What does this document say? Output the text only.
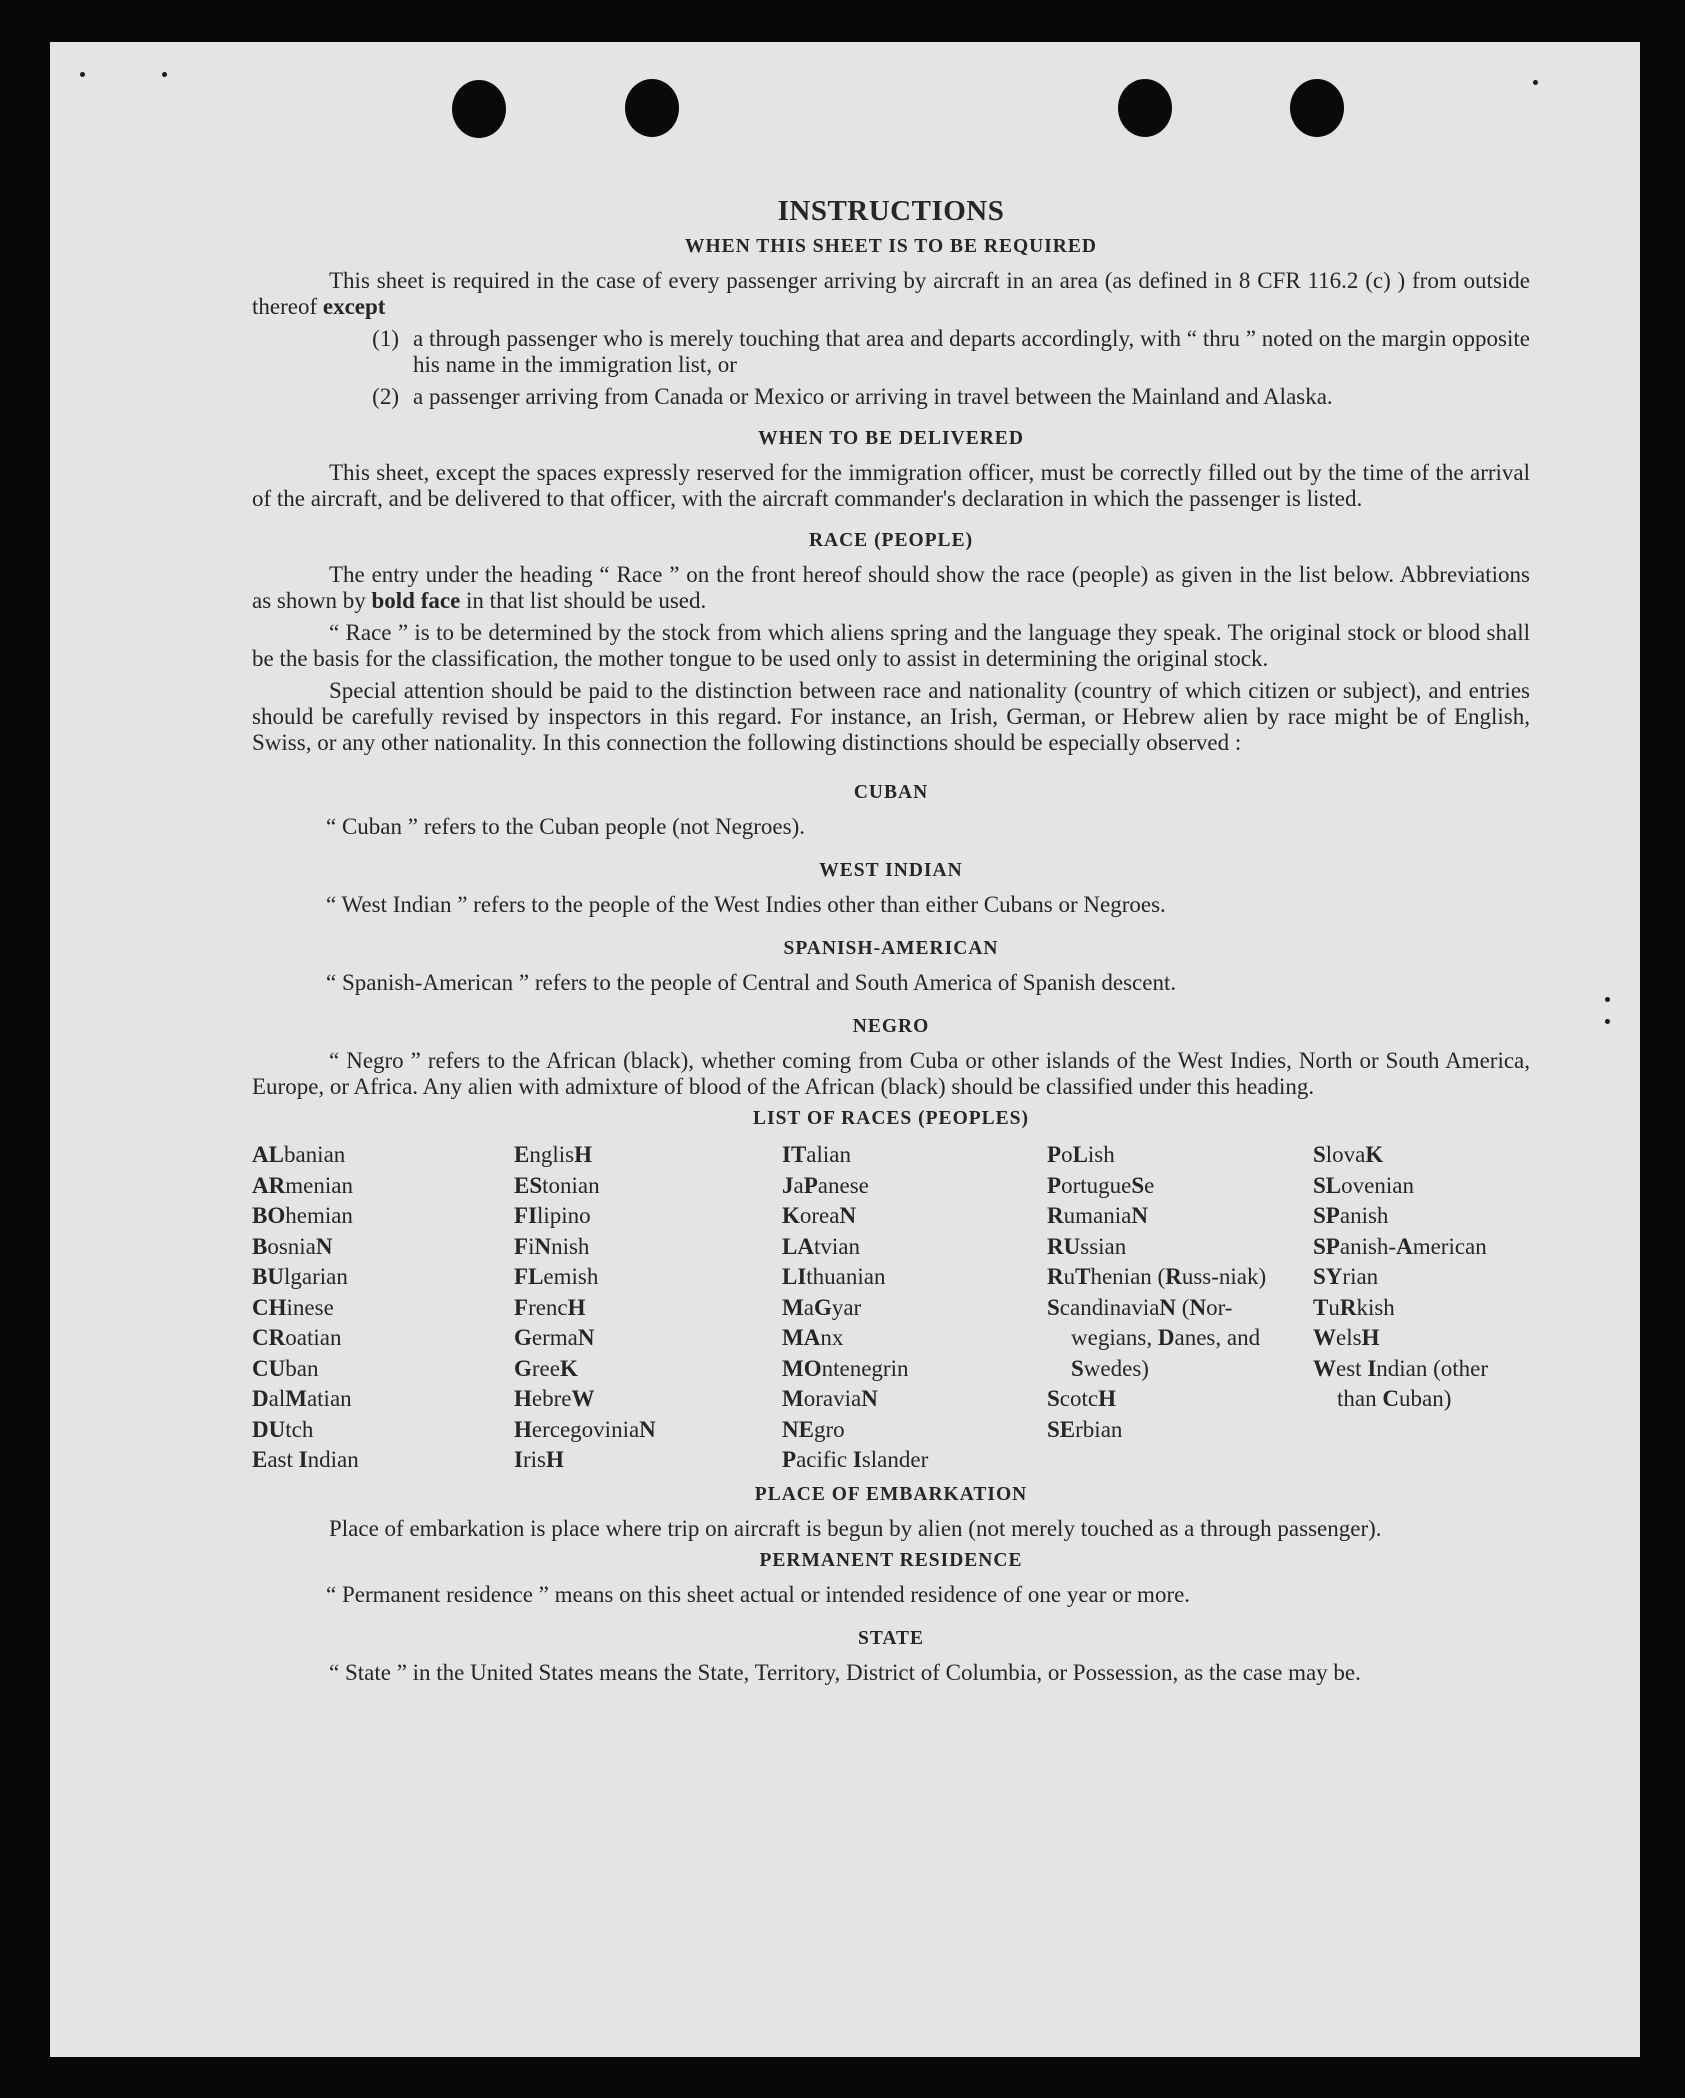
INSTRUCTIONS
WHEN THIS SHEET IS TO BE REQUIRED
This sheet is required in the case of every passenger arriving by aircraft in an area (as defined in 8 CFR 116.2 (c) ) from outside thereof except
(1) a through passenger who is merely touching that area and departs accordingly, with “ thru ” noted on the margin opposite his name in the immigration list, or
(2) a passenger arriving from Canada or Mexico or arriving in travel between the Mainland and Alaska.
WHEN TO BE DELIVERED
This sheet, except the spaces expressly reserved for the immigration officer, must be correctly filled out by the time of the arrival of the aircraft, and be delivered to that officer, with the aircraft commander's declaration in which the passenger is listed.
RACE (PEOPLE)
The entry under the heading “ Race ” on the front hereof should show the race (people) as given in the list below. Abbreviations as shown by bold face in that list should be used.
“ Race ” is to be determined by the stock from which aliens spring and the language they speak. The original stock or blood shall be the basis for the classification, the mother tongue to be used only to assist in determining the original stock.
Special attention should be paid to the distinction between race and nationality (country of which citizen or subject), and entries should be carefully revised by inspectors in this regard. For instance, an Irish, German, or Hebrew alien by race might be of English, Swiss, or any other nationality. In this connection the following distinctions should be especially observed :
CUBAN
“ Cuban ” refers to the Cuban people (not Negroes).
WEST INDIAN
“ West Indian ” refers to the people of the West Indies other than either Cubans or Negroes.
SPANISH-AMERICAN
“ Spanish-American ” refers to the people of Central and South America of Spanish descent.
NEGRO
“ Negro ” refers to the African (black), whether coming from Cuba or other islands of the West Indies, North or South America, Europe, or Africa. Any alien with admixture of blood of the African (black) should be classified under this heading.
LIST OF RACES (PEOPLES)
ALbanian
ARmenian
BOhemian
BosniaN
BUlgarian
CHinese
CRoatian
CUban
DalMatian
DUtch
East Indian
EnglisH
EStonian
FIlipino
FiNnish
FLemish
FrencH
GermaN
GreeK
HebreW
HercegoviniaN
IrisH
ITalian
JaPanese
KoreaN
LAtvian
LIthuanian
MaGyar
MAnx
MOntenegrin
MoraviaN
NEgro
Pacific Islander
PoLish
PortugueSe
RumaniaN
RUssian
RuThenian (Russ-niak)
ScandinaviaN (Nor-wegians, Danes, and Swedes)
ScotcH
SErbian
SlovaK
SLovenian
SPanish
SPanish-American
SYrian
TuRkish
WelsH
West Indian (other than Cuban)
PLACE OF EMBARKATION
Place of embarkation is place where trip on aircraft is begun by alien (not merely touched as a through passenger).
PERMANENT RESIDENCE
“ Permanent residence ” means on this sheet actual or intended residence of one year or more.
STATE
“ State ” in the United States means the State, Territory, District of Columbia, or Possession, as the case may be.
